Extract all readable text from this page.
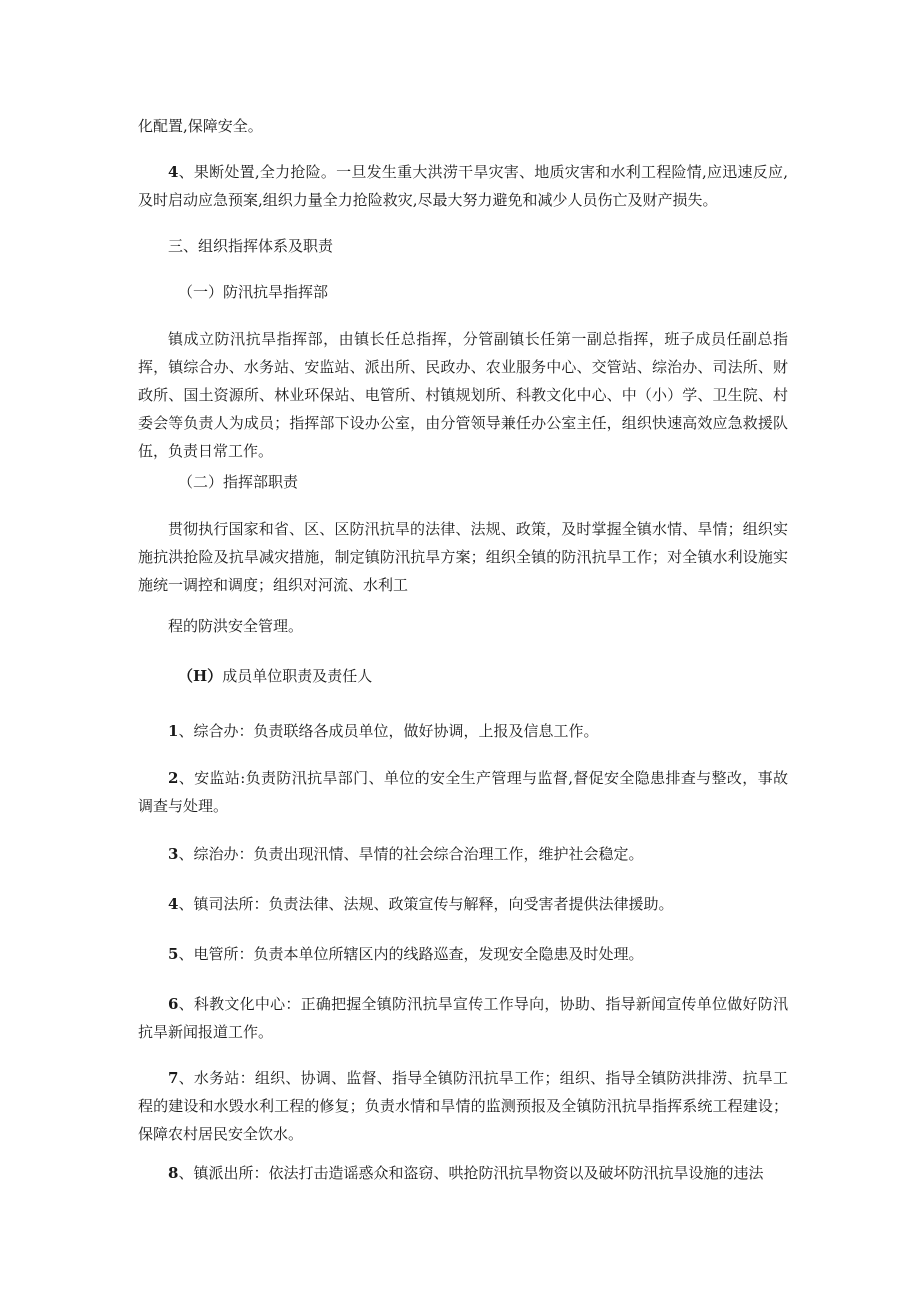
化配置,保障安全。

4、果断处置,全力抢险。一旦发生重大洪涝干旱灾害、地质灾害和水利工程险情,应迅速反应,及时启动应急预案,组织力量全力抢险救灾,尽最大努力避免和减少人员伤亡及财产损失。

三、组织指挥体系及职责

（一）防汛抗旱指挥部

镇成立防汛抗旱指挥部，由镇长任总指挥，分管副镇长任第一副总指挥，班子成员任副总指挥，镇综合办、水务站、安监站、派出所、民政办、农业服务中心、交管站、综治办、司法所、财政所、国土资源所、林业环保站、电管所、村镇规划所、科教文化中心、中（小）学、卫生院、村委会等负责人为成员；指挥部下设办公室，由分管领导兼任办公室主任，组织快速高效应急救援队伍，负责日常工作。

（二）指挥部职责

贯彻执行国家和省、区、区防汛抗旱的法律、法规、政策，及时掌握全镇水情、旱情；组织实施抗洪抢险及抗旱减灾措施，制定镇防汛抗旱方案；组织全镇的防汛抗旱工作；对全镇水利设施实施统一调控和调度；组织对河流、水利工

程的防洪安全管理。

（H）成员单位职责及责任人

1、综合办：负责联络各成员单位，做好协调，上报及信息工作。

2、安监站:负责防汛抗旱部门、单位的安全生产管理与监督,督促安全隐患排查与整改，事故调查与处理。

3、综治办：负责出现汛情、旱情的社会综合治理工作，维护社会稳定。

4、镇司法所：负责法律、法规、政策宣传与解释，向受害者提供法律援助。

5、电管所：负责本单位所辖区内的线路巡查，发现安全隐患及时处理。

6、科教文化中心：正确把握全镇防汛抗旱宣传工作导向，协助、指导新闻宣传单位做好防汛抗旱新闻报道工作。

7、水务站：组织、协调、监督、指导全镇防汛抗旱工作；组织、指导全镇防洪排涝、抗旱工程的建设和水毁水利工程的修复；负责水情和旱情的监测预报及全镇防汛抗旱指挥系统工程建设；保障农村居民安全饮水。

8、镇派出所：依法打击造谣惑众和盗窃、哄抢防汛抗旱物资以及破坏防汛抗旱设施的违法
